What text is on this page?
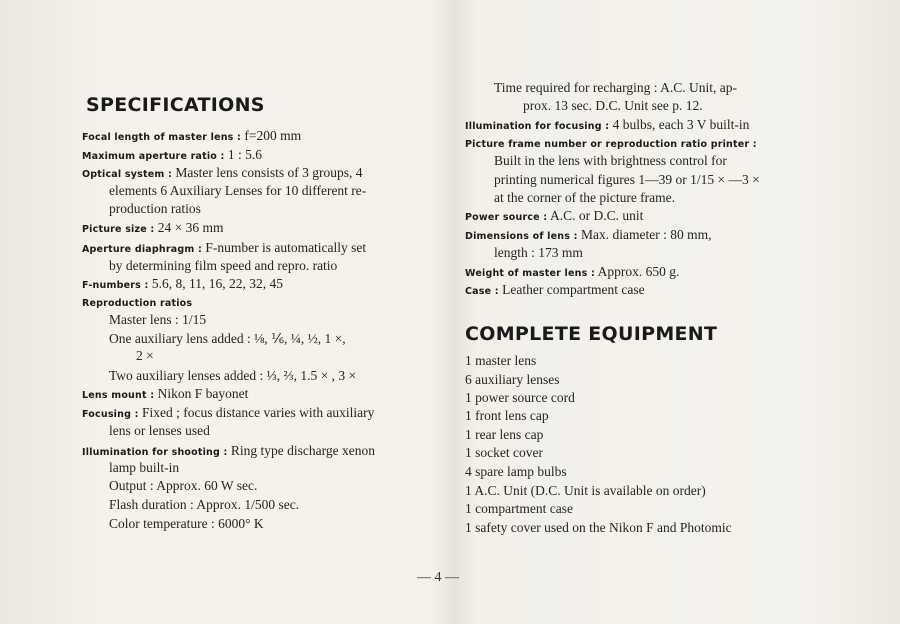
SPECIFICATIONS
Focal length of master lens : f=200 mm
Maximum aperture ratio : 1 : 5.6
Optical system : Master lens consists of 3 groups, 4
elements 6 Auxiliary Lenses for 10 different re-
production ratios
Picture size : 24 × 36 mm
Aperture diaphragm : F-number is automatically set
by determining film speed and repro. ratio
F-numbers : 5.6, 8, 11, 16, 22, 32, 45
Reproduction ratios
Master lens : 1/15
One auxiliary lens added : ⅛, ⅙, ¼, ½, 1 ×,
2 ×
Two auxiliary lenses added : ⅓, ⅔, 1.5 × , 3 ×
Lens mount : Nikon F bayonet
Focusing : Fixed ; focus distance varies with auxiliary
lens or lenses used
Illumination for shooting : Ring type discharge xenon
lamp built-in
Output : Approx. 60 W sec.
Flash duration : Approx. 1/500 sec.
Color temperature : 6000° K
Time required for recharging : A.C. Unit, ap-
prox. 13 sec. D.C. Unit see p. 12.
Illumination for focusing : 4 bulbs, each 3 V built-in
Picture frame number or reproduction ratio printer :
Built in the lens with brightness control for
printing numerical figures 1—39 or 1/15 × —3 ×
at the corner of the picture frame.
Power source : A.C. or D.C. unit
Dimensions of lens : Max. diameter : 80 mm,
length : 173 mm
Weight of master lens : Approx. 650 g.
Case : Leather compartment case
COMPLETE EQUIPMENT
1 master lens
6 auxiliary lenses
1 power source cord
1 front lens cap
1 rear lens cap
1 socket cover
4 spare lamp bulbs
1 A.C. Unit (D.C. Unit is available on order)
1 compartment case
1 safety cover used on the Nikon F and Photomic
— 4 —
